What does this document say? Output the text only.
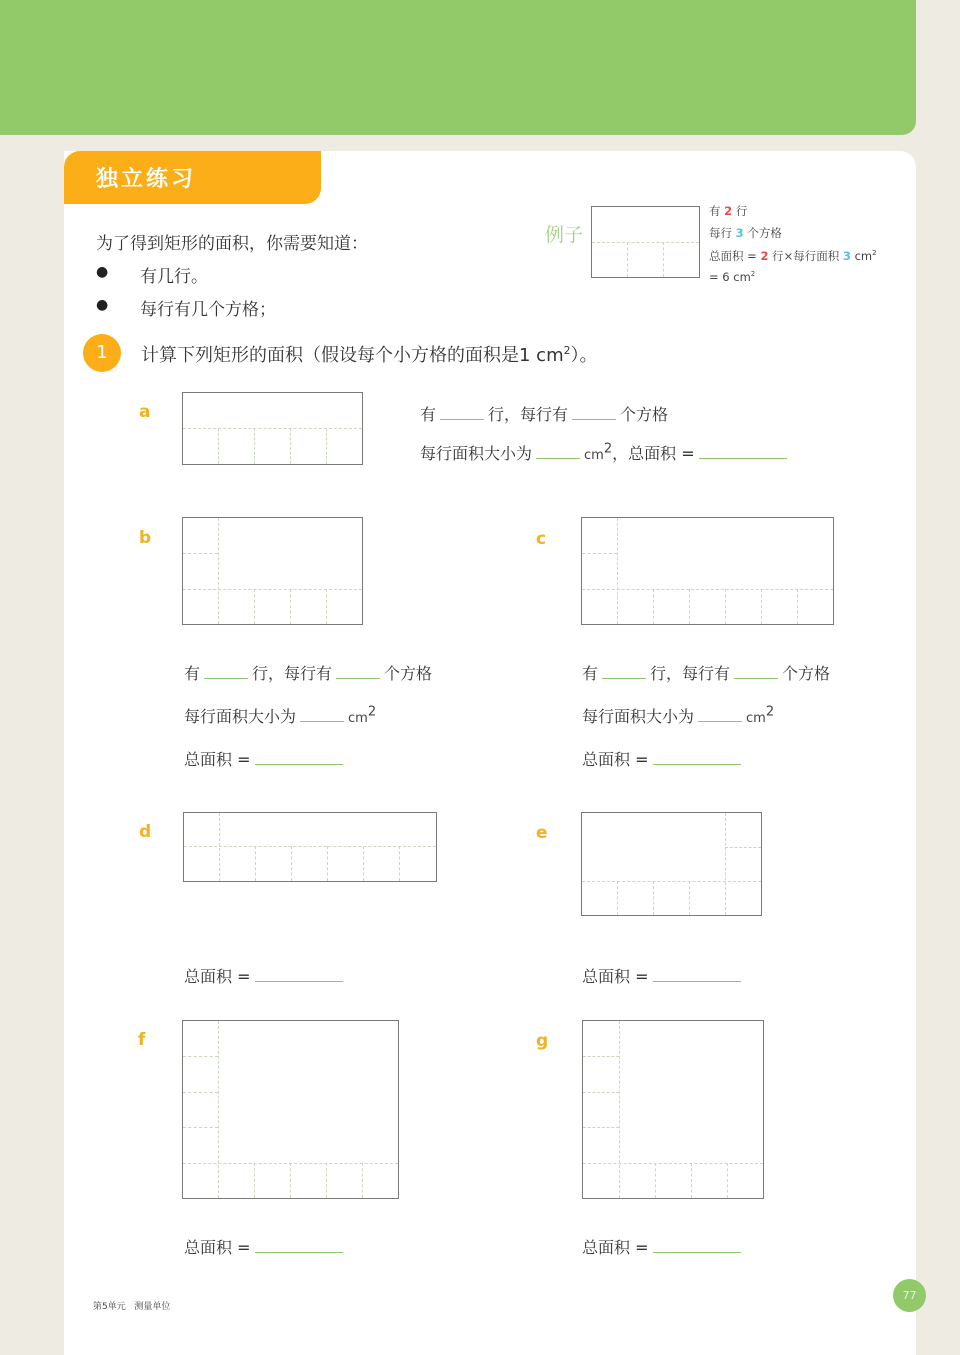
独立练习
为了得到矩形的面积，你需要知道：
● 有几行。
● 每行有几个方格；
例子
有 2 行
每行 3 个方格
总面积 = 2 行×每行面积 3 $cm^2$
= 6 $cm^2$
1	计算下列矩形的面积（假设每个小方格的面积是1 $cm^2$）。
a	有	行，每行有	个方格
每行面积大小为	$cm^2$，总面积 =
b
有	行，每行有	个方格
每行面积大小为	$cm^2$
总面积 =
c
有	行，每行有	个方格
每行面积大小为	$cm^2$
总面积 =
d
总面积 =
e
总面积 =
f
总面积 =
g
总面积 =
第5单元 测量单位
77
